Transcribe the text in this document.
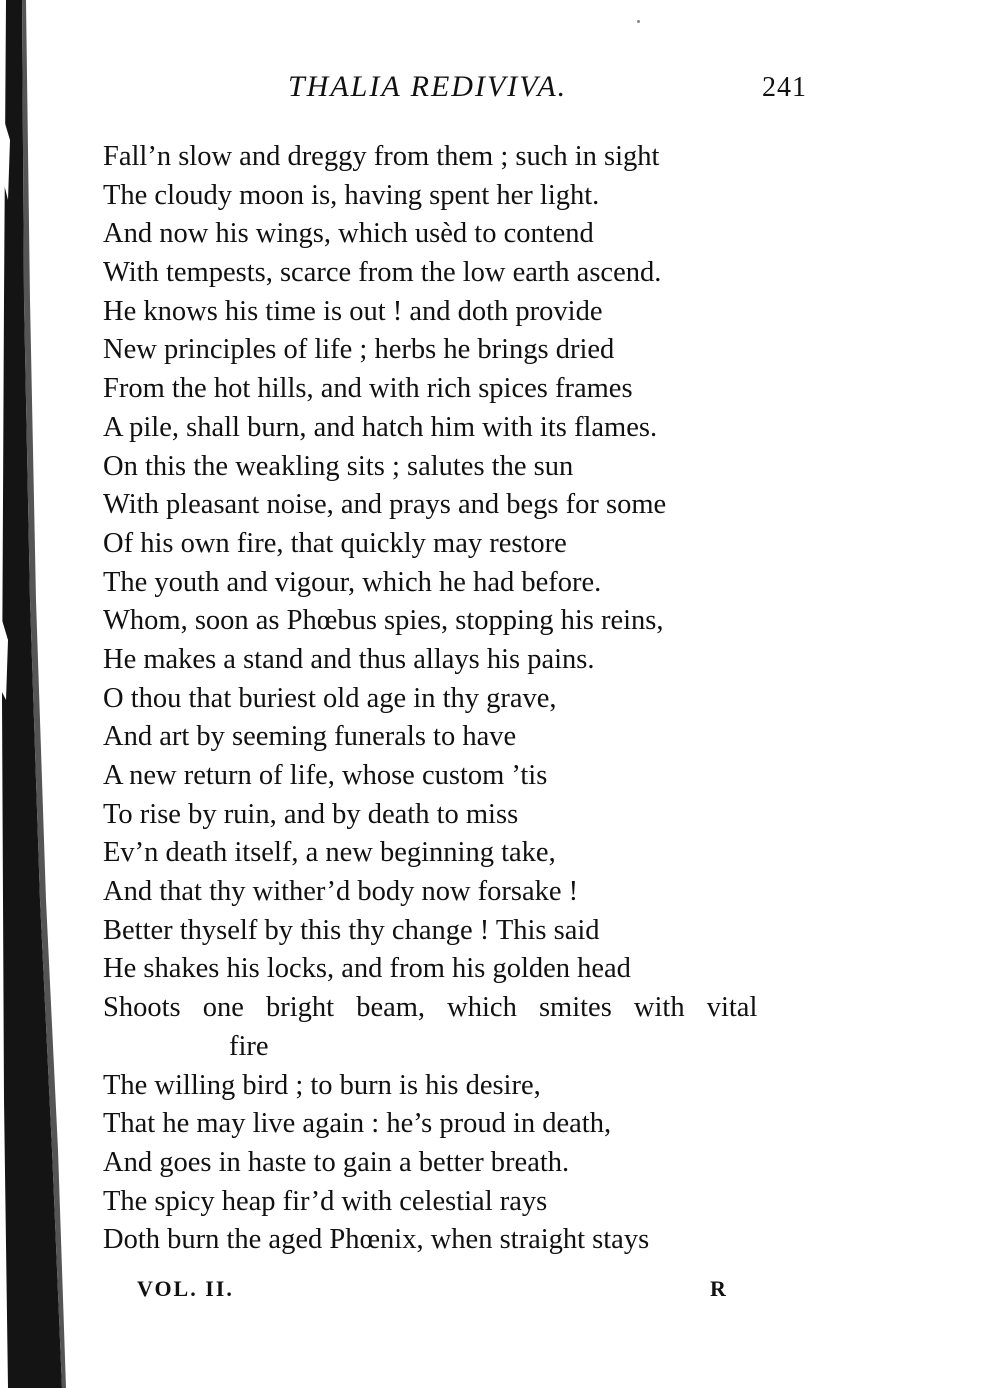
THALIA REDIVIVA.	241
Fall’n slow and dreggy from them ; such in sight
The cloudy moon is, having spent her light.
And now his wings, which usèd to contend
With tempests, scarce from the low earth ascend.
He knows his time is out ! and doth provide
New principles of life ; herbs he brings dried
From the hot hills, and with rich spices frames
A pile, shall burn, and hatch him with its flames.
On this the weakling sits ; salutes the sun
With pleasant noise, and prays and begs for some
Of his own fire, that quickly may restore
The youth and vigour, which he had before.
Whom, soon as Phœbus spies, stopping his reins,
He makes a stand and thus allays his pains.
O thou that buriest old age in thy grave,
And art by seeming funerals to have
A new return of life, whose custom ’tis
To rise by ruin, and by death to miss
Ev’n death itself, a new beginning take,
And that thy wither’d body now forsake !
Better thyself by this thy change ! This said
He shakes his locks, and from his golden head
Shoots one bright beam, which smites with vital
fire
The willing bird ; to burn is his desire,
That he may live again : he’s proud in death,
And goes in haste to gain a better breath.
The spicy heap fir’d with celestial rays
Doth burn the aged Phœnix, when straight stays
VOL. II.	R
